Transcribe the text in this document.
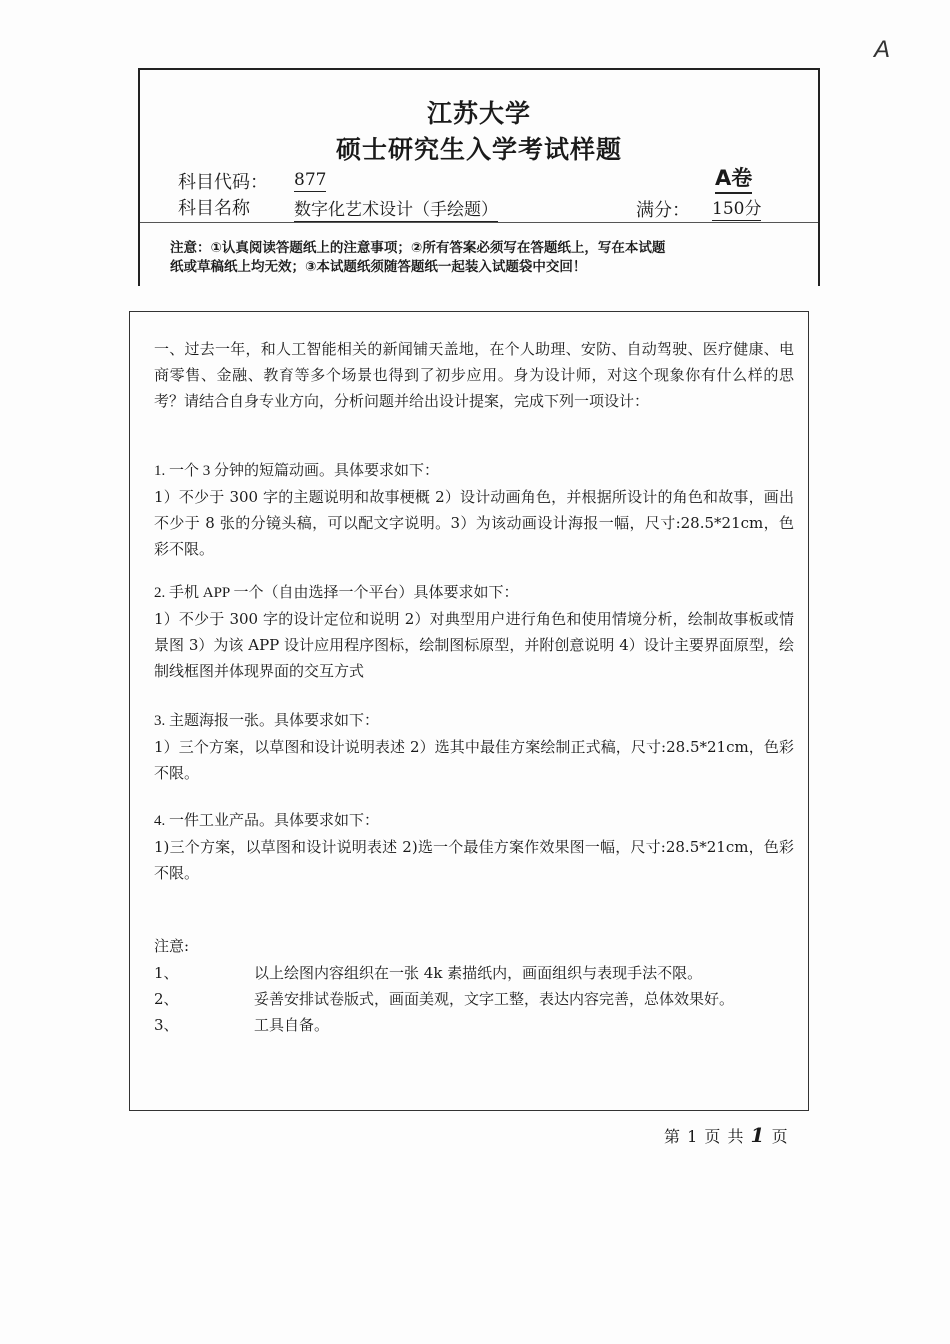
A
江苏大学
硕士研究生入学考试样题
科目代码： 877	A卷
科目名称	数字化艺术设计（手绘题）	满分： 150分
注意：①认真阅读答题纸上的注意事项；②所有答案必须写在答题纸上，写在本试题
纸或草稿纸上均无效；③本试题纸须随答题纸一起装入试题袋中交回！
一、过去一年，和人工智能相关的新闻铺天盖地，在个人助理、安防、自动驾驶、医疗健康、电商零售、金融、教育等多个场景也得到了初步应用。身为设计师，对这个现象你有什么样的思考？请结合自身专业方向，分析问题并给出设计提案，完成下列一项设计：
1. 一个 3 分钟的短篇动画。具体要求如下：
1）不少于 300 字的主题说明和故事梗概 2）设计动画角色，并根据所设计的角色和故事，画出不少于 8 张的分镜头稿，可以配文字说明。3）为该动画设计海报一幅，尺寸:28.5*21cm，色彩不限。
2. 手机 APP 一个（自由选择一个平台）具体要求如下：
1）不少于 300 字的设计定位和说明 2）对典型用户进行角色和使用情境分析，绘制故事板或情景图 3）为该 APP 设计应用程序图标，绘制图标原型，并附创意说明 4）设计主要界面原型，绘制线框图并体现界面的交互方式
3. 主题海报一张。具体要求如下：
1）三个方案，以草图和设计说明表述 2）选其中最佳方案绘制正式稿，尺寸:28.5*21cm，色彩不限。
4. 一件工业产品。具体要求如下：
1)三个方案，以草图和设计说明表述 2)选一个最佳方案作效果图一幅，尺寸:28.5*21cm，色彩不限。
注意:
1、	以上绘图内容组织在一张 4k 素描纸内，画面组织与表现手法不限。
2、	妥善安排试卷版式，画面美观，文字工整，表达内容完善，总体效果好。
3、	工具自备。
第 1 页 共 1 页
